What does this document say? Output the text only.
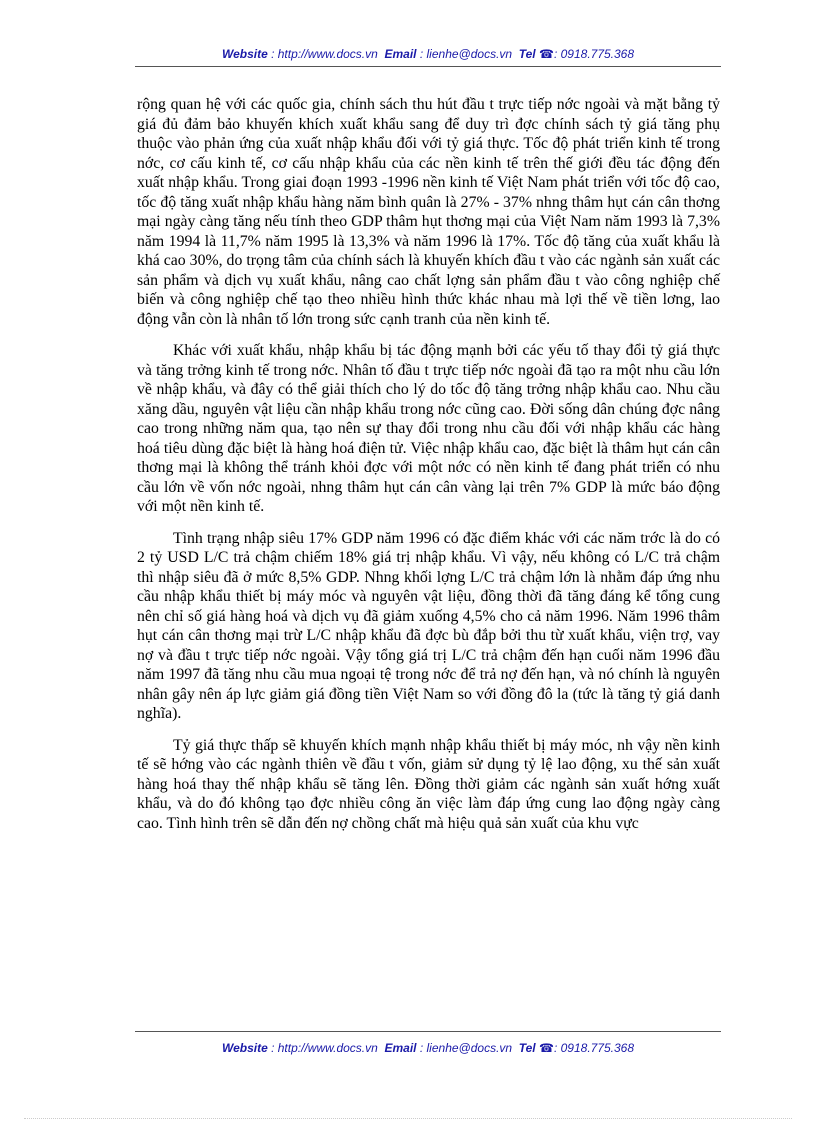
Website : http://www.docs.vn Email : lienhe@docs.vn Tel ☎: 0918.775.368

rộng quan hệ với các quốc gia, chính sách thu hút đầu t trực tiếp nớc ngoài và mặt bằng tỷ giá đủ đảm bảo khuyến khích xuất khẩu sang để duy trì đợc chính sách tỷ giá tăng phụ thuộc vào phản ứng của xuất nhập khẩu đối với tỷ giá thực. Tốc độ phát triển kinh tế trong nớc, cơ cấu kinh tế, cơ cấu nhập khẩu của các nền kinh tế trên thế giới đều tác động đến xuất nhập khẩu. Trong giai đoạn 1993 -1996 nền kinh tế Việt Nam phát triển với tốc độ cao, tốc độ tăng xuất nhập khẩu hàng năm bình quân là 27% - 37% nhng thâm hụt cán cân thơng mại ngày càng tăng nếu tính theo GDP thâm hụt thơng mại của Việt Nam năm 1993 là 7,3% năm 1994 là 11,7% năm 1995 là 13,3% và năm 1996 là 17%. Tốc độ tăng của xuất khẩu là khá cao 30%, do trọng tâm của chính sách là khuyến khích đầu t vào các ngành sản xuất các sản phẩm và dịch vụ xuất khẩu, nâng cao chất lợng sản phẩm đầu t vào công nghiệp chế biến và công nghiệp chế tạo theo nhiều hình thức khác nhau mà lợi thế về tiền lơng, lao động vẫn còn là nhân tố lớn trong sức cạnh tranh của nền kinh tế.

Khác với xuất khẩu, nhập khẩu bị tác động mạnh bởi các yếu tố thay đổi tỷ giá thực và tăng trởng kinh tế trong nớc. Nhân tố đầu t trực tiếp nớc ngoài đã tạo ra một nhu cầu lớn về nhập khẩu, và đây có thể giải thích cho lý do tốc độ tăng trởng nhập khẩu cao. Nhu cầu xăng dầu, nguyên vật liệu cần nhập khẩu trong nớc cũng cao. Đời sống dân chúng đợc nâng cao trong những năm qua, tạo nên sự thay đổi trong nhu cầu đối với nhập khẩu các hàng hoá tiêu dùng đặc biệt là hàng hoá điện tử. Việc nhập khẩu cao, đặc biệt là thâm hụt cán cân thơng mại là không thể tránh khỏi đợc với một nớc có nền kinh tế đang phát triển có nhu cầu lớn về vốn nớc ngoài, nhng thâm hụt cán cân vàng lại trên 7% GDP là mức báo động với một nền kinh tế.

Tình trạng nhập siêu 17% GDP năm 1996 có đặc điểm khác với các năm trớc là do có 2 tỷ USD L/C trả chậm chiếm 18% giá trị nhập khẩu. Vì vậy, nếu không có L/C trả chậm thì nhập siêu đã ở mức 8,5% GDP. Nhng khối lợng L/C trả chậm lớn là nhằm đáp ứng nhu cầu nhập khẩu thiết bị máy móc và nguyên vật liệu, đồng thời đã tăng đáng kể tổng cung nên chỉ số giá hàng hoá và dịch vụ đã giảm xuống 4,5% cho cả năm 1996. Năm 1996 thâm hụt cán cân thơng mại trừ L/C nhập khẩu đã đợc bù đắp bởi thu từ xuất khẩu, viện trợ, vay nợ và đầu t trực tiếp nớc ngoài. Vậy tổng giá trị L/C trả chậm đến hạn cuối năm 1996 đầu năm 1997 đã tăng nhu cầu mua ngoại tệ trong nớc để trả nợ đến hạn, và nó chính là nguyên nhân gây nên áp lực giảm giá đồng tiền Việt Nam so với đồng đô la (tức là tăng tỷ giá danh nghĩa).

Tỷ giá thực thấp sẽ khuyến khích mạnh nhập khẩu thiết bị máy móc, nh vậy nền kinh tế sẽ hớng vào các ngành thiên về đầu t vốn, giảm sử dụng tỷ lệ lao động, xu thế sản xuất hàng hoá thay thế nhập khẩu sẽ tăng lên. Đồng thời giảm các ngành sản xuất hớng xuất khẩu, và do đó không tạo đợc nhiều công ăn việc làm đáp ứng cung lao động ngày càng cao. Tình hình trên sẽ dẫn đến nợ chồng chất mà hiệu quả sản xuất của khu vực

Website : http://www.docs.vn Email : lienhe@docs.vn Tel ☎: 0918.775.368
